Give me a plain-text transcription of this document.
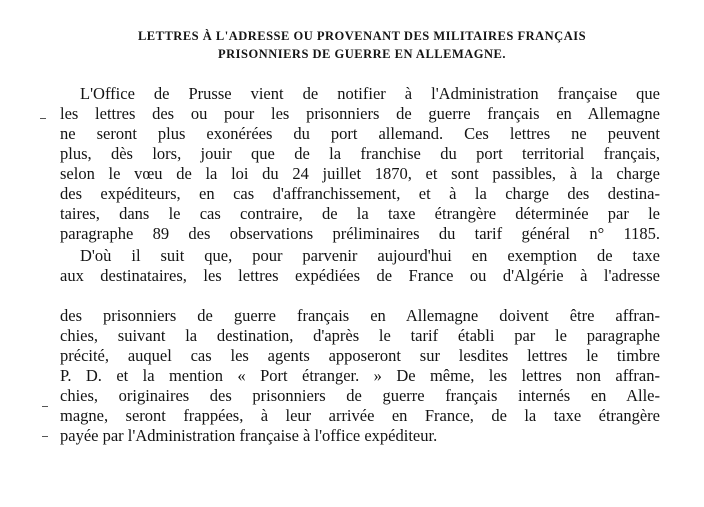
LETTRES À L'ADRESSE OU PROVENANT DES MILITAIRES FRANÇAIS
PRISONNIERS DE GUERRE EN ALLEMAGNE.
L'Office de Prusse vient de notifier à l'Administration française que
les lettres des ou pour les prisonniers de guerre français en Allemagne
ne seront plus exonérées du port allemand. Ces lettres ne peuvent
plus, dès lors, jouir que de la franchise du port territorial français,
selon le vœu de la loi du 24 juillet 1870, et sont passibles, à la charge
des expéditeurs, en cas d'affranchissement, et à la charge des destina-
taires, dans le cas contraire, de la taxe étrangère déterminée par le
paragraphe 89 des observations préliminaires du tarif général n° 1185.
D'où il suit que, pour parvenir aujourd'hui en exemption de taxe
aux destinataires, les lettres expédiées de France ou d'Algérie à l'adresse
des prisonniers de guerre français en Allemagne doivent être affran-
chies, suivant la destination, d'après le tarif établi par le paragraphe
précité, auquel cas les agents apposeront sur lesdites lettres le timbre
P. D. et la mention « Port étranger. » De même, les lettres non affran-
chies, originaires des prisonniers de guerre français internés en Alle-
magne, seront frappées, à leur arrivée en France, de la taxe étrangère
payée par l'Administration française à l'office expéditeur.
